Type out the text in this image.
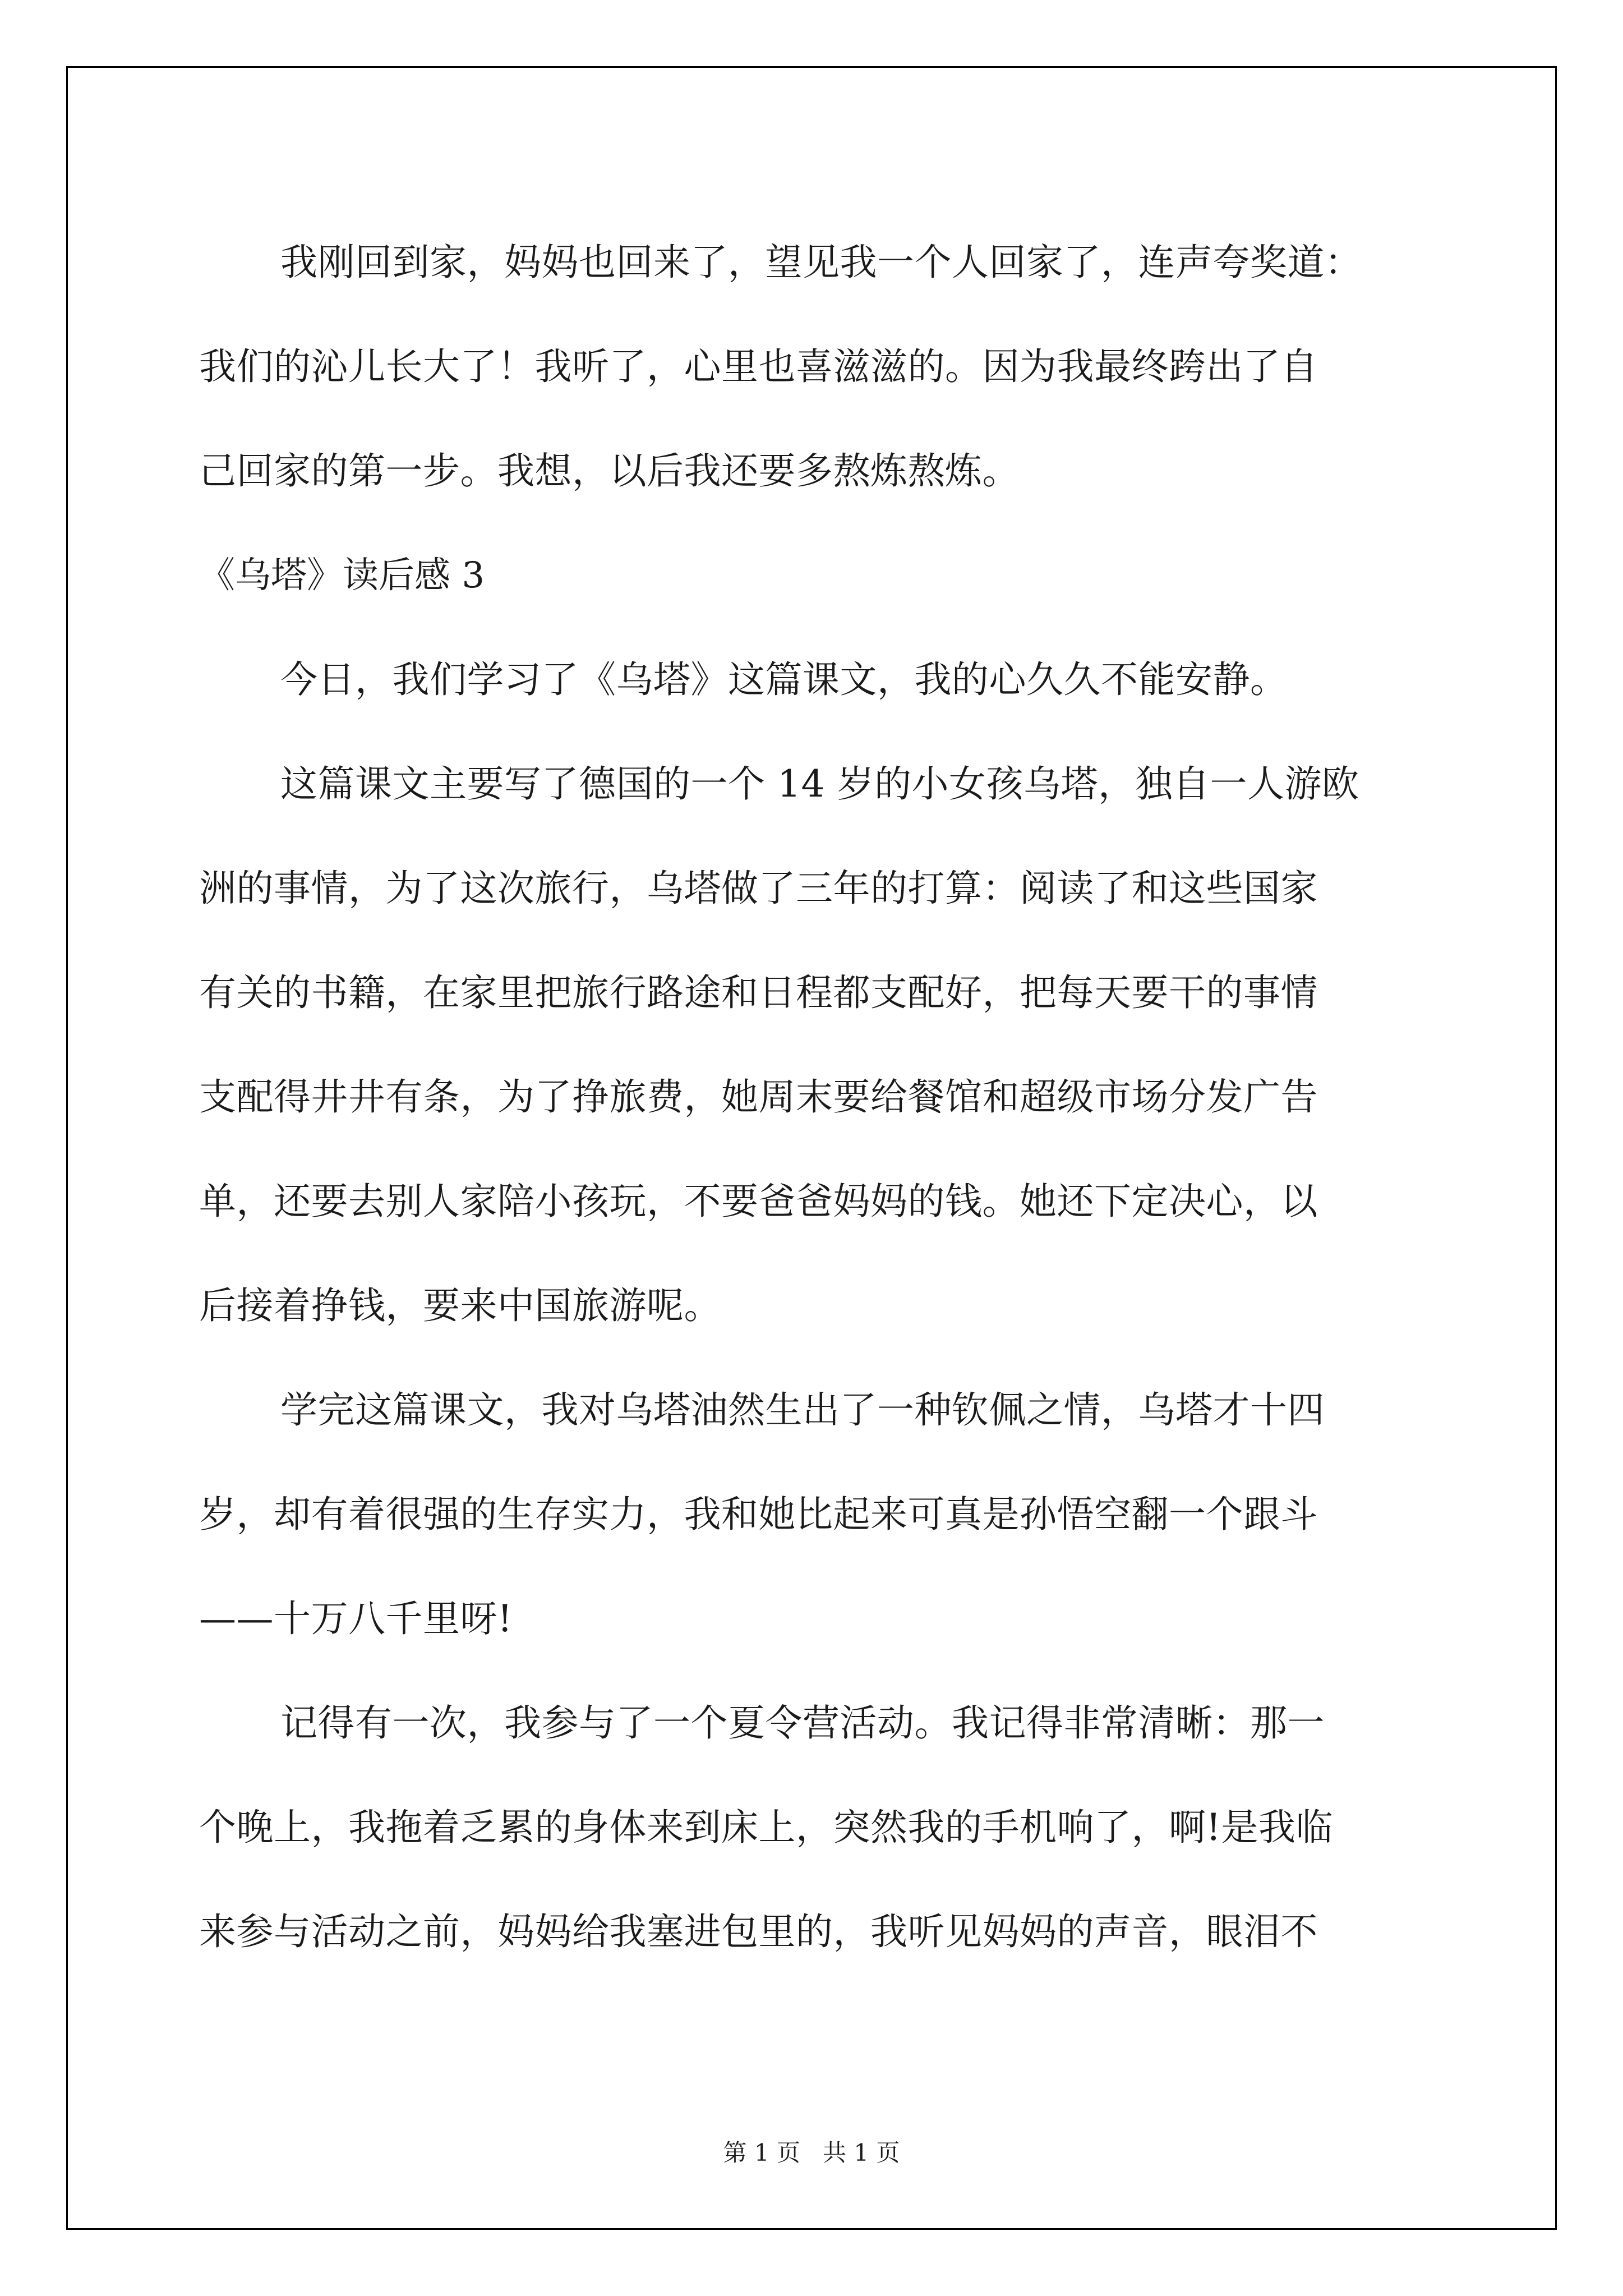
我刚回到家，妈妈也回来了，望见我一个人回家了，连声夸奖道：
我们的沁儿长大了！我听了，心里也喜滋滋的。因为我最终跨出了自
己回家的第一步。我想，以后我还要多熬炼熬炼。
《乌塔》读后感 3
今日，我们学习了《乌塔》这篇课文，我的心久久不能安静。
这篇课文主要写了德国的一个 14 岁的小女孩乌塔，独自一人游欧
洲的事情，为了这次旅行，乌塔做了三年的打算：阅读了和这些国家
有关的书籍，在家里把旅行路途和日程都支配好，把每天要干的事情
支配得井井有条，为了挣旅费，她周末要给餐馆和超级市场分发广告
单，还要去别人家陪小孩玩，不要爸爸妈妈的钱。她还下定决心，以
后接着挣钱，要来中国旅游呢。
学完这篇课文，我对乌塔油然生出了一种钦佩之情，乌塔才十四
岁，却有着很强的生存实力，我和她比起来可真是孙悟空翻一个跟斗
——十万八千里呀!
记得有一次，我参与了一个夏令营活动。我记得非常清晰：那一
个晚上，我拖着乏累的身体来到床上，突然我的手机响了，啊!是我临
来参与活动之前，妈妈给我塞进包里的，我听见妈妈的声音，眼泪不
第 1 页   共 1 页
